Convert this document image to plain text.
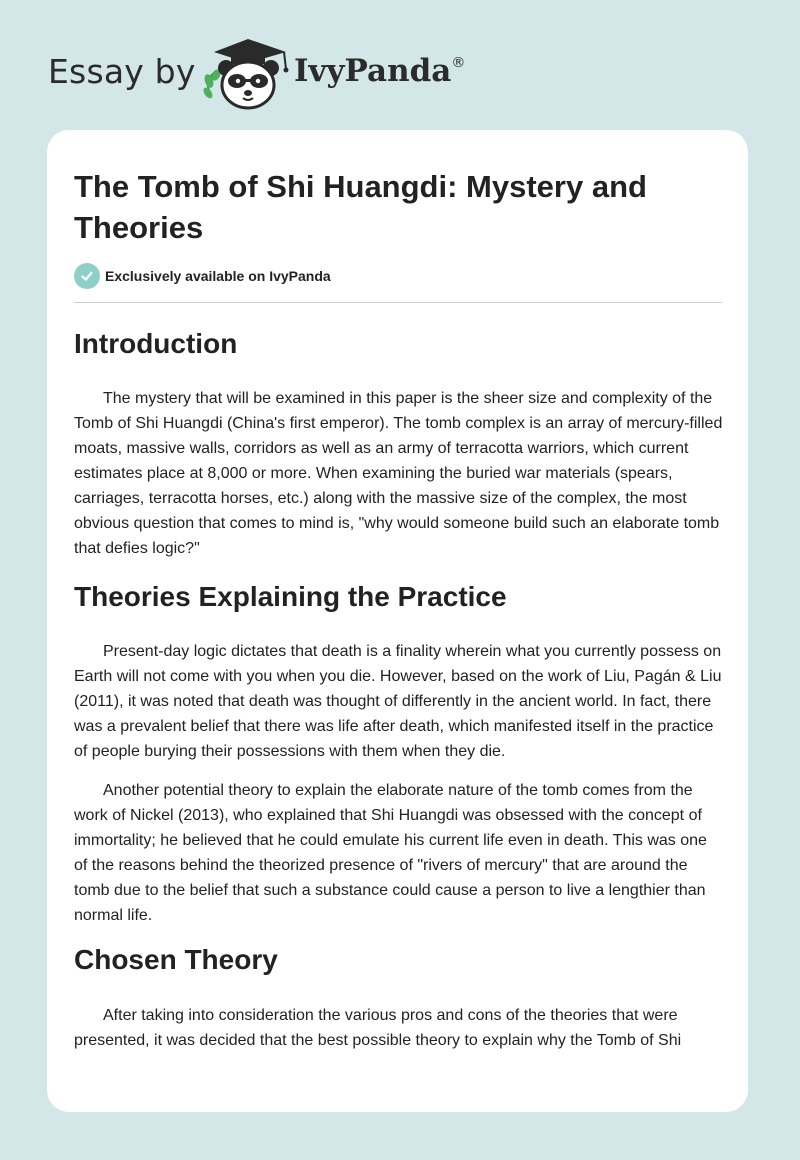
Essay by	IvyPanda®
The Tomb of Shi Huangdi: Mystery and Theories
Exclusively available on IvyPanda
Introduction

The mystery that will be examined in this paper is the sheer size and complexity of the Tomb of Shi Huangdi (China's first emperor). The tomb complex is an array of mercury-filled moats, massive walls, corridors as well as an army of terracotta warriors, which current estimates place at 8,000 or more. When examining the buried war materials (spears, carriages, terracotta horses, etc.) along with the massive size of the complex, the most obvious question that comes to mind is, "why would someone build such an elaborate tomb that defies logic?"

Theories Explaining the Practice

Present-day logic dictates that death is a finality wherein what you currently possess on Earth will not come with you when you die. However, based on the work of Liu, Pagán & Liu (2011), it was noted that death was thought of differently in the ancient world. In fact, there was a prevalent belief that there was life after death, which manifested itself in the practice of people burying their possessions with them when they die.

Another potential theory to explain the elaborate nature of the tomb comes from the work of Nickel (2013), who explained that Shi Huangdi was obsessed with the concept of immortality; he believed that he could emulate his current life even in death. This was one of the reasons behind the theorized presence of "rivers of mercury" that are around the tomb due to the belief that such a substance could cause a person to live a lengthier than normal life.

Chosen Theory

After taking into consideration the various pros and cons of the theories that were presented, it was decided that the best possible theory to explain why the Tomb of Shi
